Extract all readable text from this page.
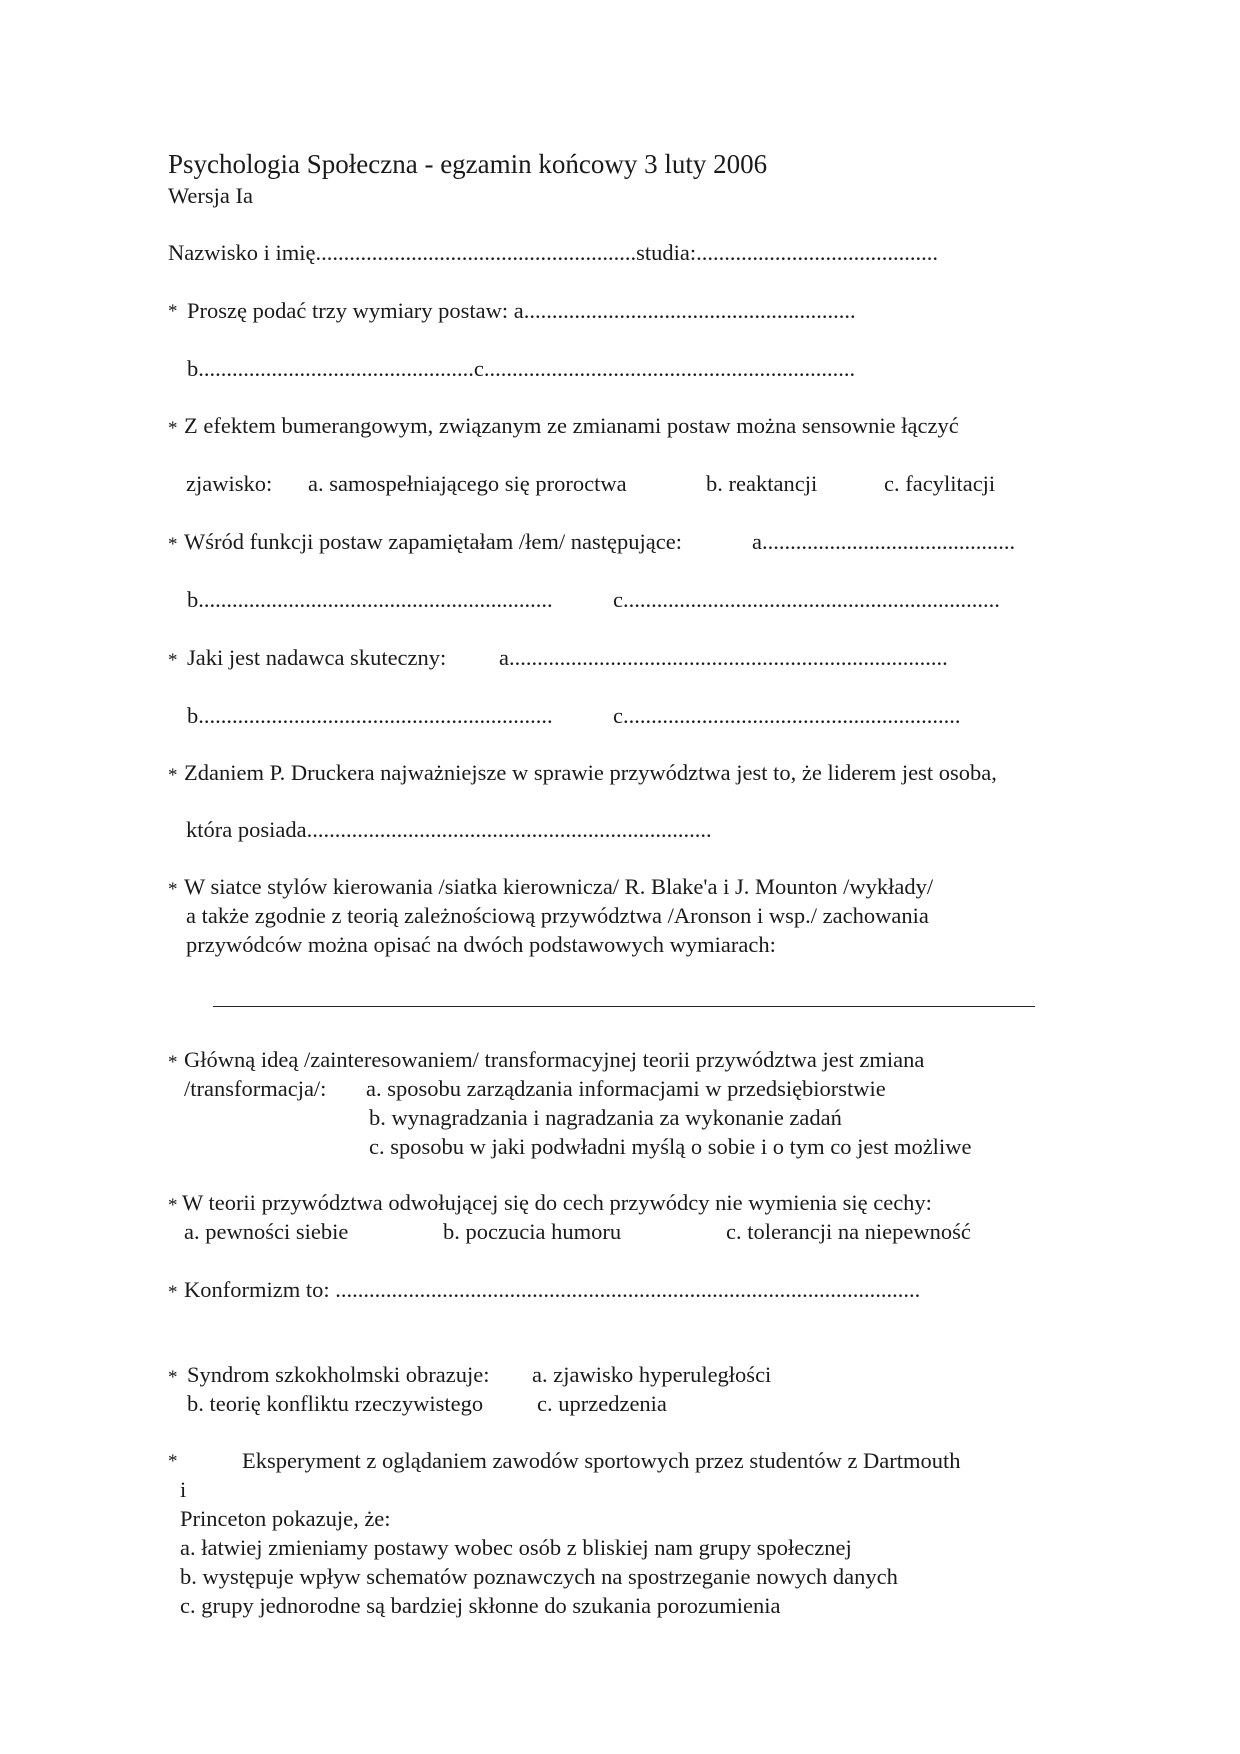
Psychologia Społeczna - egzamin końcowy 3 luty 2006
Wersja Ia
Nazwisko i imię.........................................................studia:...........................................
* Proszę podać trzy wymiary postaw: a...........................................................
b.................................................c..................................................................
* Z efektem bumerangowym, związanym ze zmianami postaw można sensownie łączyć
zjawisko: a. samospełniającego się proroctwa	b. reaktancji	c. facylitacji
* Wśród funkcji postaw zapamiętałam /łem/ następujące:	a.............................................
b...............................................................	c...................................................................
* Jaki jest nadawca skuteczny: a..............................................................................
b...............................................................	c............................................................
* Zdaniem P. Druckera najważniejsze w sprawie przywództwa jest to, że liderem jest osoba,
która posiada........................................................................
* W siatce stylów kierowania /siatka kierownicza/ R. Blake'a i J. Mounton /wykłady/
a także zgodnie z teorią zależnościową przywództwa /Aronson i wsp./ zachowania
przywódców można opisać na dwóch podstawowych wymiarach:
* Główną ideą /zainteresowaniem/ transformacyjnej teorii przywództwa jest zmiana
/transformacja/: a. sposobu zarządzania informacjami w przedsiębiorstwie
b. wynagradzania i nagradzania za wykonanie zadań
c. sposobu w jaki podwładni myślą o sobie i o tym co jest możliwe
* W teorii przywództwa odwołującej się do cech przywódcy nie wymienia się cechy:
a. pewności siebie	b. poczucia humoru	c. tolerancji na niepewność
* Konformizm to: ........................................................................................................
* Syndrom szkokholmski obrazuje: a. zjawisko hyperuległości
b. teorię konfliktu rzeczywistego c. uprzedzenia
*	Eksperyment z oglądaniem zawodów sportowych przez studentów z Dartmouth
i
Princeton pokazuje, że:
a. łatwiej zmieniamy postawy wobec osób z bliskiej nam grupy społecznej
b. występuje wpływ schematów poznawczych na spostrzeganie nowych danych
c. grupy jednorodne są bardziej skłonne do szukania porozumienia
